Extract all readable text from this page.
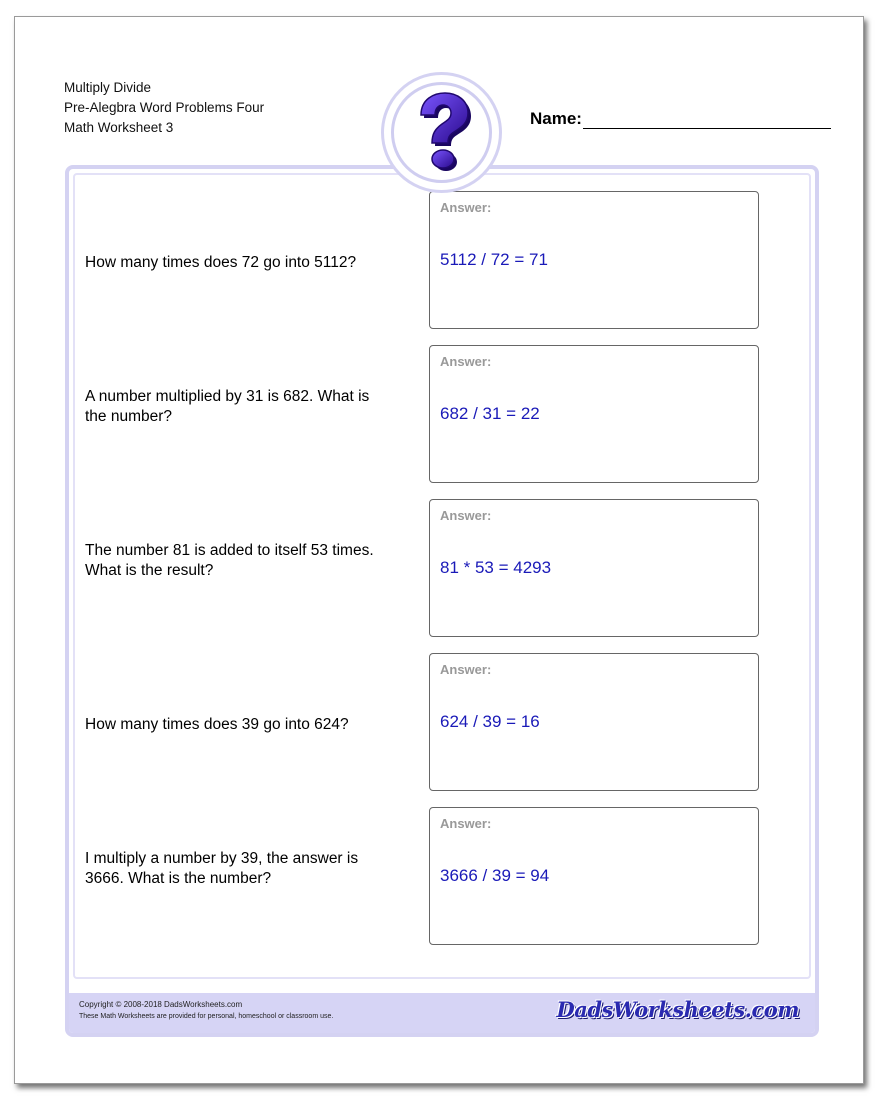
Multiply Divide
Pre-Alegbra Word Problems Four
Math Worksheet 3	Name:
Copyright © 2008-2018 DadsWorksheets.com
These Math Worksheets are provided for personal, homeschool or classroom use.	DadsWorksheets.com
How many times does 72 go into 5112?
Answer:
5112 / 72 = 71
A number multiplied by 31 is 682. What is the number?
Answer:
682 / 31 = 22
The number 81 is added to itself 53 times. What is the result?
Answer:
81 * 53 = 4293
How many times does 39 go into 624?
Answer:
624 / 39 = 16
I multiply a number by 39, the answer is 3666. What is the number?
Answer:
3666 / 39 = 94
